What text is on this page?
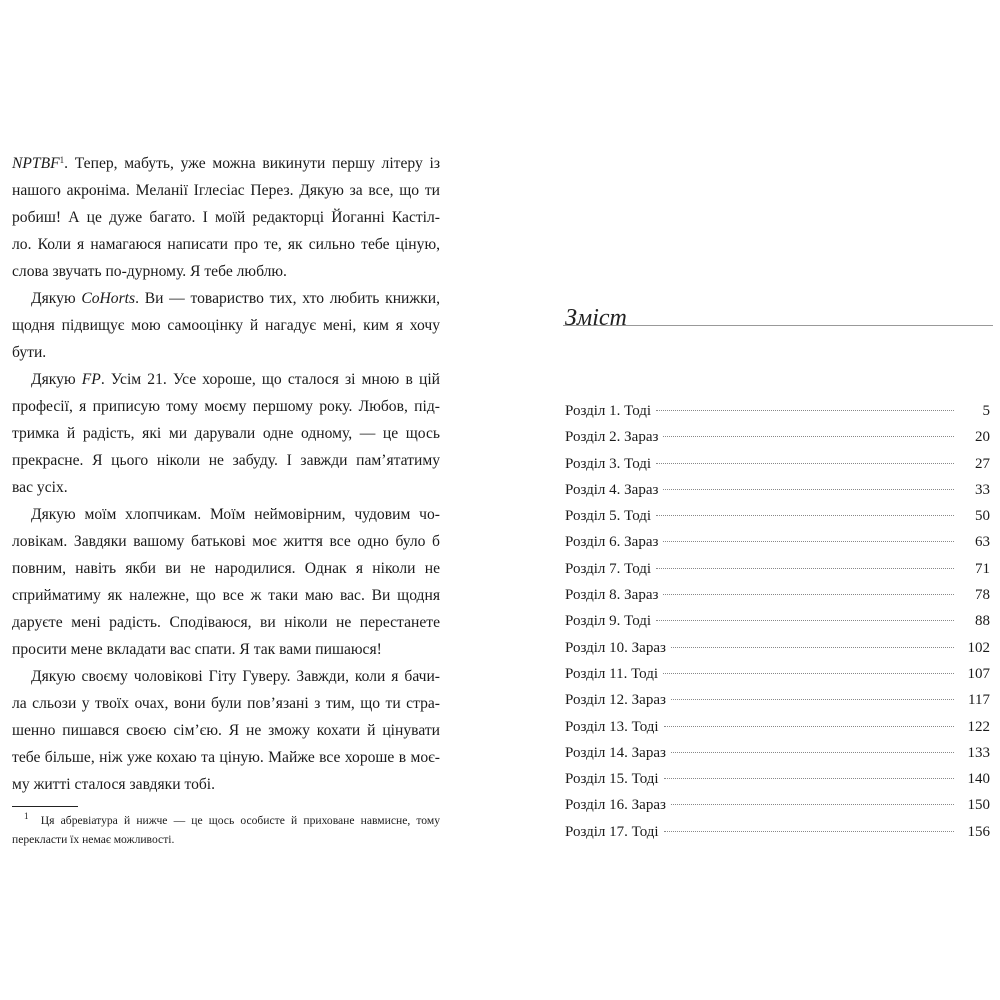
NPTBF$^1$. Тепер, мабуть, уже можна викинути першу літеру із
нашого акроніма. Меланії Іглесіас Перез. Дякую за все, що ти
робиш! А це дуже багато. І моїй редакторці Йоганні Кастіл-
ло. Коли я намагаюся написати про те, як сильно тебе ціную,
слова звучать по-дурному. Я тебе люблю.
Дякую CoHorts. Ви — товариство тих, хто любить книжки,
щодня підвищує мою самооцінку й нагадує мені, ким я хочу
бути.
Дякую FP. Усім 21. Усе хороше, що сталося зі мною в цій
професії, я приписую тому моєму першому року. Любов, під-
тримка й радість, які ми дарували одне одному, — це щось
прекрасне. Я цього ніколи не забуду. І завжди пам’ятатиму
вас усіх.
Дякую моїм хлопчикам. Моїм неймовірним, чудовим чо-
ловікам. Завдяки вашому батькові моє життя все одно було б
повним, навіть якби ви не народилися. Однак я ніколи не
сприйматиму як належне, що все ж таки маю вас. Ви щодня
даруєте мені радість. Сподіваюся, ви ніколи не перестанете
просити мене вкладати вас спати. Я так вами пишаюся!
Дякую своєму чоловікові Гіту Гуверу. Завжди, коли я бачи-
ла сльози у твоїх очах, вони були пов’язані з тим, що ти стра-
шенно пишався своєю сім’єю. Я не зможу кохати й цінувати
тебе більше, ніж уже кохаю та ціную. Майже все хороше в моє-
му житті сталося завдяки тобі.
$^1$ Ця абревіатура й нижче — це щось особисте й приховане навмисне, тому
перекласти їх немає можливості.
Зміст
Розділ 1. Тоді	5
Розділ 2. Зараз	20
Розділ 3. Тоді	27
Розділ 4. Зараз	33
Розділ 5. Тоді	50
Розділ 6. Зараз	63
Розділ 7. Тоді	71
Розділ 8. Зараз	78
Розділ 9. Тоді	88
Розділ 10. Зараз	102
Розділ 11. Тоді	107
Розділ 12. Зараз	117
Розділ 13. Тоді	122
Розділ 14. Зараз	133
Розділ 15. Тоді	140
Розділ 16. Зараз	150
Розділ 17. Тоді	156
